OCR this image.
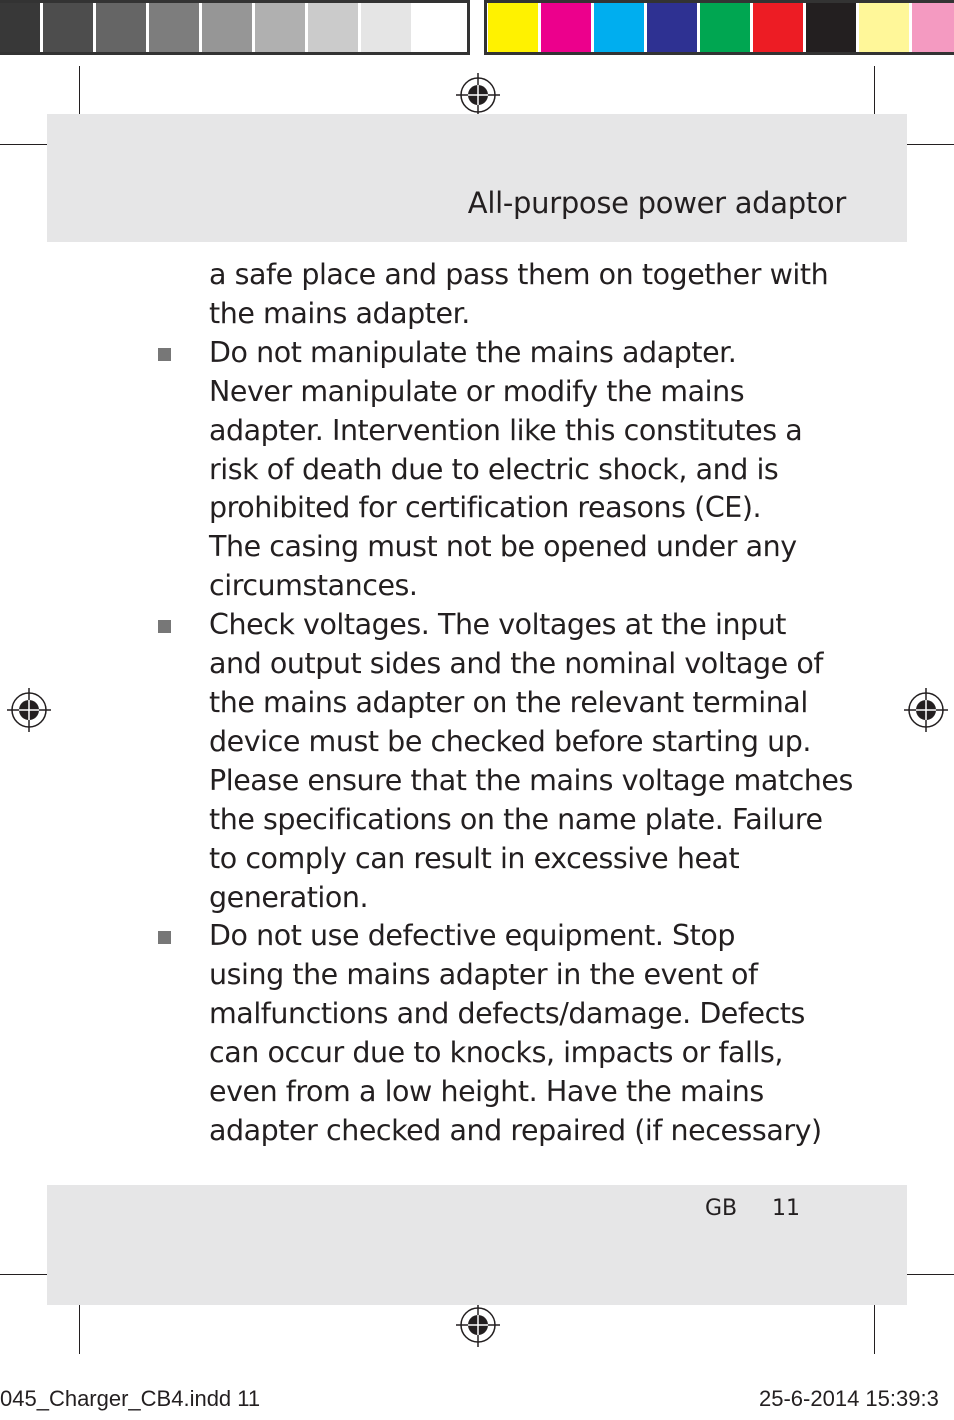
All-purpose power adaptor

a safe place and pass them on together with

the mains adapter.

Do not manipulate the mains adapter.

Never manipulate or modify the mains

adapter. Intervention like this constitutes a

risk of death due to electric shock, and is

prohibited for certification reasons (CE).

The casing must not be opened under any

circumstances.

Check voltages. The voltages at the input

and output sides and the nominal voltage of

the mains adapter on the relevant terminal

device must be checked before starting up.

Please ensure that the mains voltage matches

the specifications on the name plate. Failure

to comply can result in excessive heat

generation.

Do not use defective equipment. Stop

using the mains adapter in the event of

malfunctions and defects/damage. Defects

can occur due to knocks, impacts or falls,

even from a low height. Have the mains

adapter checked and repaired (if necessary)

GB 11
045_Charger_CB4.indd 11	25-6-2014 15:39:3
